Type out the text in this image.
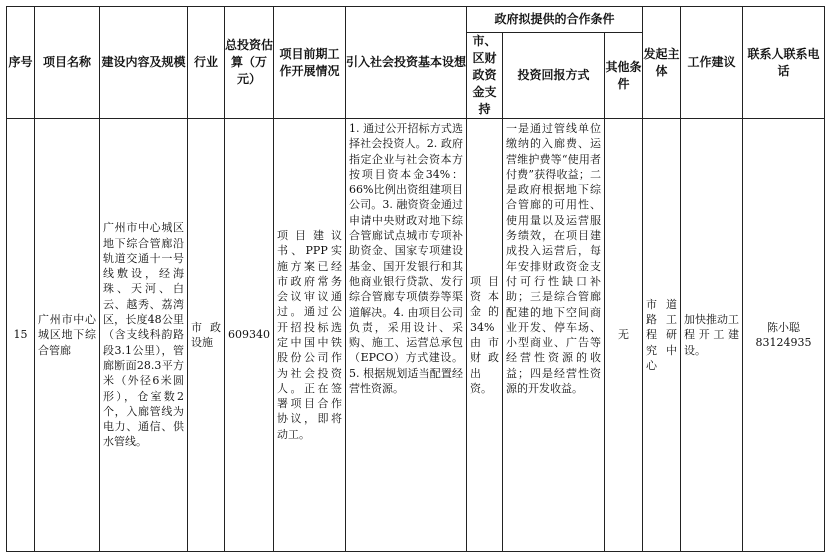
序号	项目名称	建设内容及规模	行业	总投资估算（万元）	项目前期工作开展情况	引入社会投资基本设想	政府拟提供的合作条件			发起主体	工作建议	联系人联系电话
							市、区财政资金支持	投资回报方式	其他条件			

15	广州市中心城区地下综合管廊	广州市中心城区地下综合管廊沿轨道交通十一号线敷设，经海珠、天河、白云、越秀、荔湾区，长度48公里（含支线科韵路段3.1公里），管廊断面28.3平方米（外径6米圆形），仓室数2个，入廊管线为电力、通信、供水管线。	市政设施	609340	项目建议书、PPP实施方案已经市政府常务会议审议通过。通过公开招投标选定中国中铁股份公司作为社会投资人。正在签署项目合作协议，即将动工。	1. 通过公开招标方式选择社会投资人。2. 政府指定企业与社会资本方按项目资本金34%：66%比例出资组建项目公司。3. 融资资金通过申请中央财政对地下综合管廊试点城市专项补助资金、国家专项建设基金、国开发银行和其他商业银行贷款、发行综合管廊专项债券等渠道解决。4. 由项目公司负责，采用设计、采购、施工、运营总承包（EPCO）方式建设。5. 根据规划适当配置经营性资源。	项目资本金的34%由市财政出资。	一是通过管线单位缴纳的入廊费、运营维护费等“使用者付费”获得收益；二是政府根据地下综合管廊的可用性、使用量以及运营服务绩效，在项目建成投入运营后，每年安排财政资金支付可行性缺口补助；三是综合管廊配建的地下空间商业开发、停车场、小型商业、广告等经营性资源的收益；四是经营性资源的开发收益。	无	市道路工程研究中心	加快推动工程开工建设。	陈小聪 83124935
